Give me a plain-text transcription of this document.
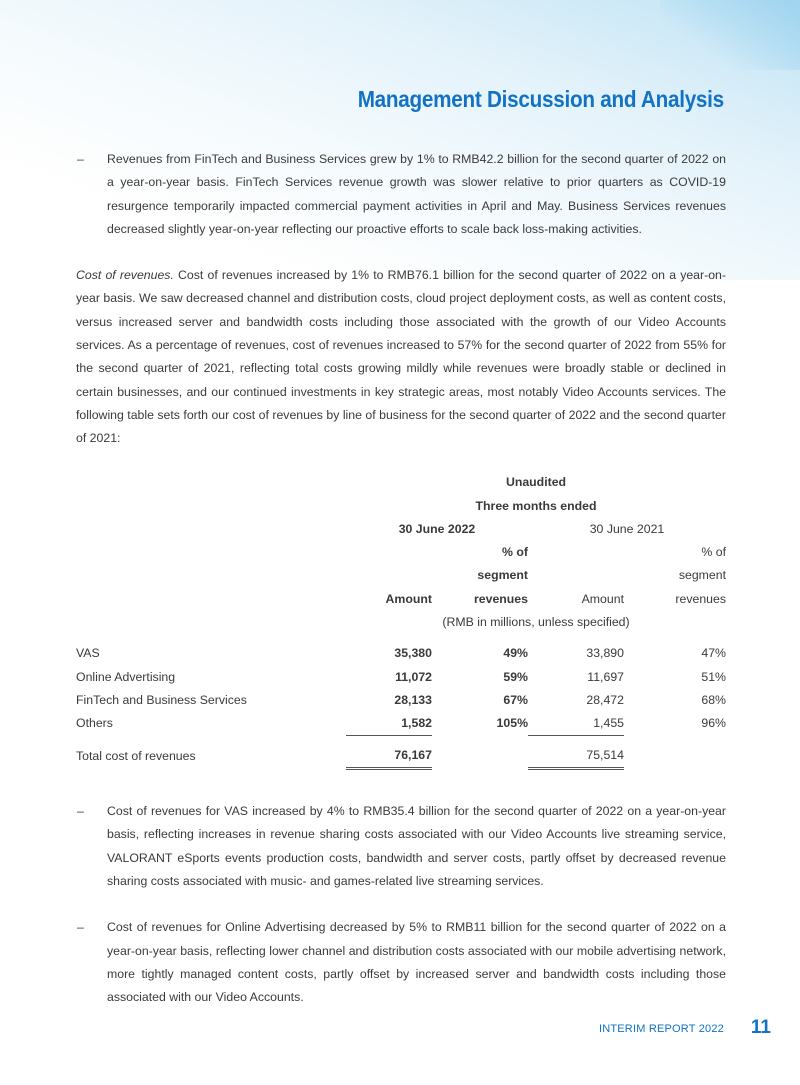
Management Discussion and Analysis

– Revenues from FinTech and Business Services grew by 1% to RMB42.2 billion for the second quarter of 2022 on a year-on-year basis. FinTech Services revenue growth was slower relative to prior quarters as COVID-19 resurgence temporarily impacted commercial payment activities in April and May. Business Services revenues decreased slightly year-on-year reflecting our proactive efforts to scale back loss-making activities.

Cost of revenues. Cost of revenues increased by 1% to RMB76.1 billion for the second quarter of 2022 on a year-on-year basis. We saw decreased channel and distribution costs, cloud project deployment costs, as well as content costs, versus increased server and bandwidth costs including those associated with the growth of our Video Accounts services. As a percentage of revenues, cost of revenues increased to 57% for the second quarter of 2022 from 55% for the second quarter of 2021, reflecting total costs growing mildly while revenues were broadly stable or declined in certain businesses, and our continued investments in key strategic areas, most notably Video Accounts services. The following table sets forth our cost of revenues by line of business for the second quarter of 2022 and the second quarter of 2021:

	Unaudited			
	Three months ended			
	30 June 2022		30 June 2021	
		% of		% of
		segment		segment
	Amount	revenues	Amount	revenues
	(RMB in millions, unless specified)			

VAS	35,380	49%	33,890	47%
Online Advertising	11,072	59%	11,697	51%
FinTech and Business Services	28,133	67%	28,472	68%
Others	1,582	105%	1,455	96%

Total cost of revenues	76,167		75,514	

– Cost of revenues for VAS increased by 4% to RMB35.4 billion for the second quarter of 2022 on a year-on-year basis, reflecting increases in revenue sharing costs associated with our Video Accounts live streaming service, VALORANT eSports events production costs, bandwidth and server costs, partly offset by decreased revenue sharing costs associated with music- and games-related live streaming services.

– Cost of revenues for Online Advertising decreased by 5% to RMB11 billion for the second quarter of 2022 on a year-on-year basis, reflecting lower channel and distribution costs associated with our mobile advertising network, more tightly managed content costs, partly offset by increased server and bandwidth costs including those associated with our Video Accounts.

INTERIM REPORT 2022 11
